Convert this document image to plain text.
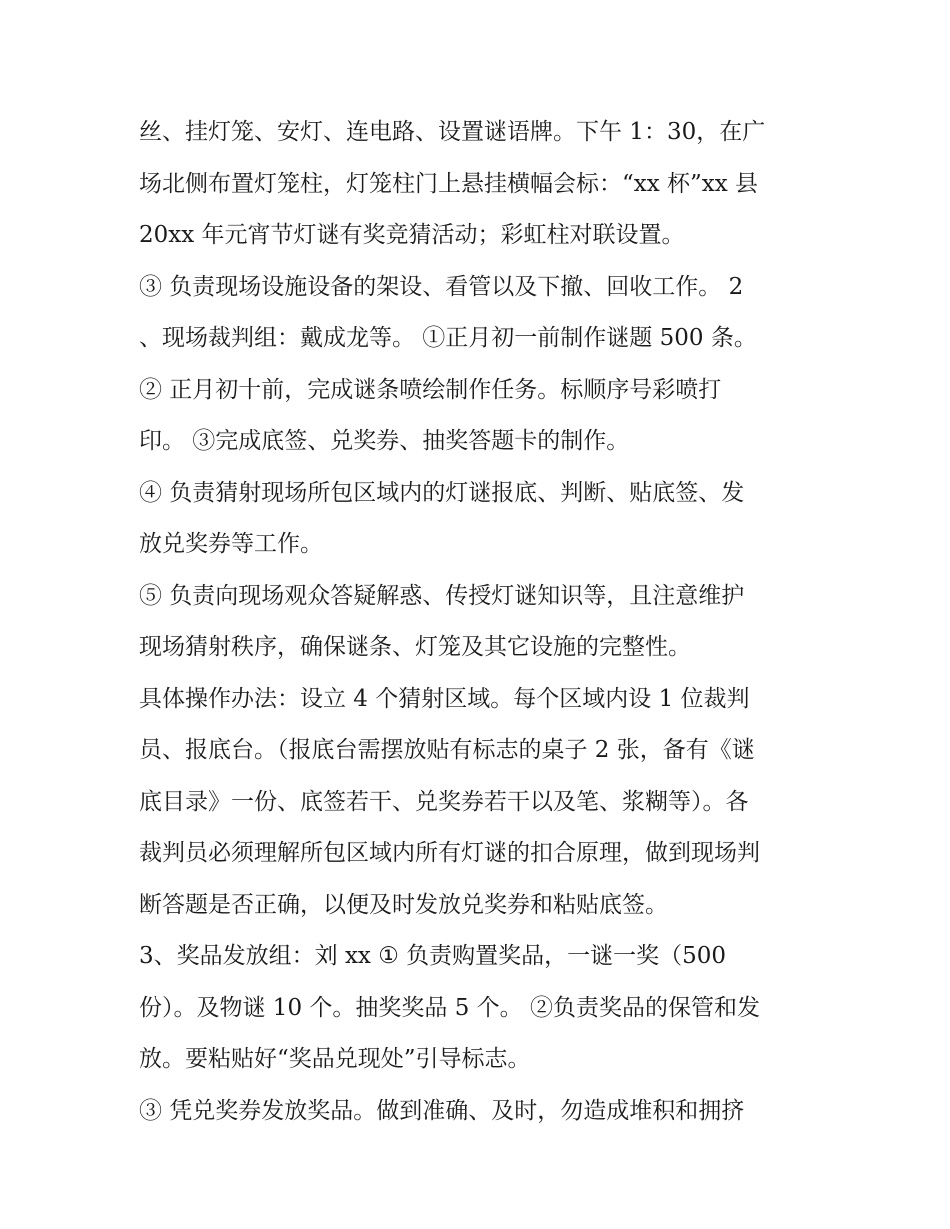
丝、挂灯笼、安灯、连电路、设置谜语牌。下午 1：30，在广
场北侧布置灯笼柱，灯笼柱门上悬挂横幅会标：“xx 杯”xx 县
20xx 年元宵节灯谜有奖竞猜活动；彩虹柱对联设置。
③ 负责现场设施设备的架设、看管以及下撤、回收工作。 2
、现场裁判组：戴成龙等。 ①正月初一前制作谜题 500 条。
② 正月初十前，完成谜条喷绘制作任务。标顺序号彩喷打
印。 ③完成底签、兑奖券、抽奖答题卡的制作。
④ 负责猜射现场所包区域内的灯谜报底、判断、贴底签、发
放兑奖券等工作。
⑤ 负责向现场观众答疑解惑、传授灯谜知识等，且注意维护
现场猜射秩序，确保谜条、灯笼及其它设施的完整性。
具体操作办法：设立 4 个猜射区域。每个区域内设 1 位裁判
员、报底台。（报底台需摆放贴有标志的桌子 2 张，备有《谜
底目录》一份、底签若干、兑奖券若干以及笔、浆糊等）。各
裁判员必须理解所包区域内所有灯谜的扣合原理，做到现场判
断答题是否正确，以便及时发放兑奖券和粘贴底签。
3、奖品发放组：刘 xx ① 负责购置奖品，一谜一奖（500
份）。及物谜 10 个。抽奖奖品 5 个。 ②负责奖品的保管和发
放。要粘贴好“奖品兑现处”引导标志。
③ 凭兑奖券发放奖品。做到准确、及时，勿造成堆积和拥挤
